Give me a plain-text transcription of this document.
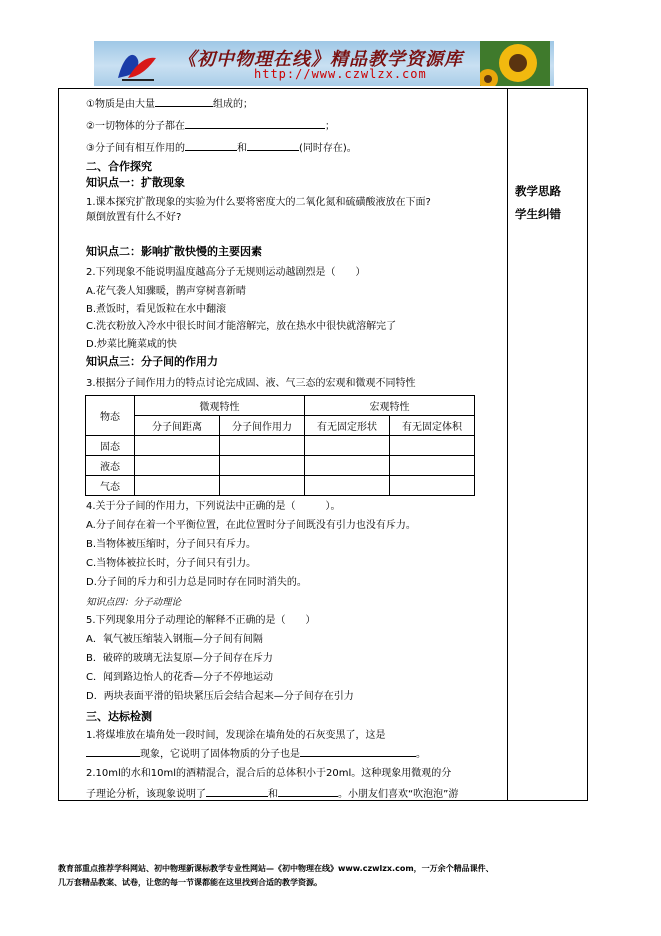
《初中物理在线》精品教学资源库
http://www.czwlzx.com
教学思路
学生纠错
①物质是由大量	组成的；
②一切物体的分子都在	；
③分子间有相互作用的	和	(同时存在)。
二、合作探究
知识点一：扩散现象
1.课本探究扩散现象的实验为什么要将密度大的二氧化氮和硫磺酸液放在下面?
颠倒放置有什么不好?
知识点二：影响扩散快慢的主要因素
2.下列现象不能说明温度越高分子无规则运动越剧烈是（　　）
A.花气袭人知骤暖，鹊声穿树喜新晴
B.煮饭时，看见饭粒在水中翻滚
C.洗衣粉放入冷水中很长时间才能溶解完，放在热水中很快就溶解完了
D.炒菜比腌菜咸的快
知识点三：分子间的作用力
3.根据分子间作用力的特点讨论完成固、液、气三态的宏观和微观不同特性
物态	微观特性		宏观特性	
	分子间距离	分子间作用力	有无固定形状	有无固定体积
固态				
液态				
气态				
4.关于分子间的作用力，下列说法中正确的是（　　　）。
A.分子间存在着一个平衡位置，在此位置时分子间既没有引力也没有斥力。
B.当物体被压缩时，分子间只有斥力。
C.当物体被拉长时，分子间只有引力。
D.分子间的斥力和引力总是同时存在同时消失的。
知识点四：分子动理论
5.下列现象用分子动理论的解释不正确的是（　　）
A．氧气被压缩装入钢瓶—分子间有间隔
B．破碎的玻璃无法复原—分子间存在斥力
C．闻到路边怡人的花香—分子不停地运动
D．两块表面平滑的铅块紧压后会结合起来—分子间存在引力
三、达标检测
1.将煤堆放在墙角处一段时间，发现涂在墙角处的石灰变黑了，这是
现象，它说明了固体物质的分子也是	。
2.10ml的水和10ml的酒精混合，混合后的总体积小于20ml。这种现象用微观的分
子理论分析，该现象说明了	和	。小朋友们喜欢“吹泡泡”游
教育部重点推荐学科网站、初中物理新课标教学专业性网站—《初中物理在线》www.czwlzx.com，一万余个精品课件、
几万套精品教案、试卷，让您的每一节课都能在这里找到合适的教学资源。
